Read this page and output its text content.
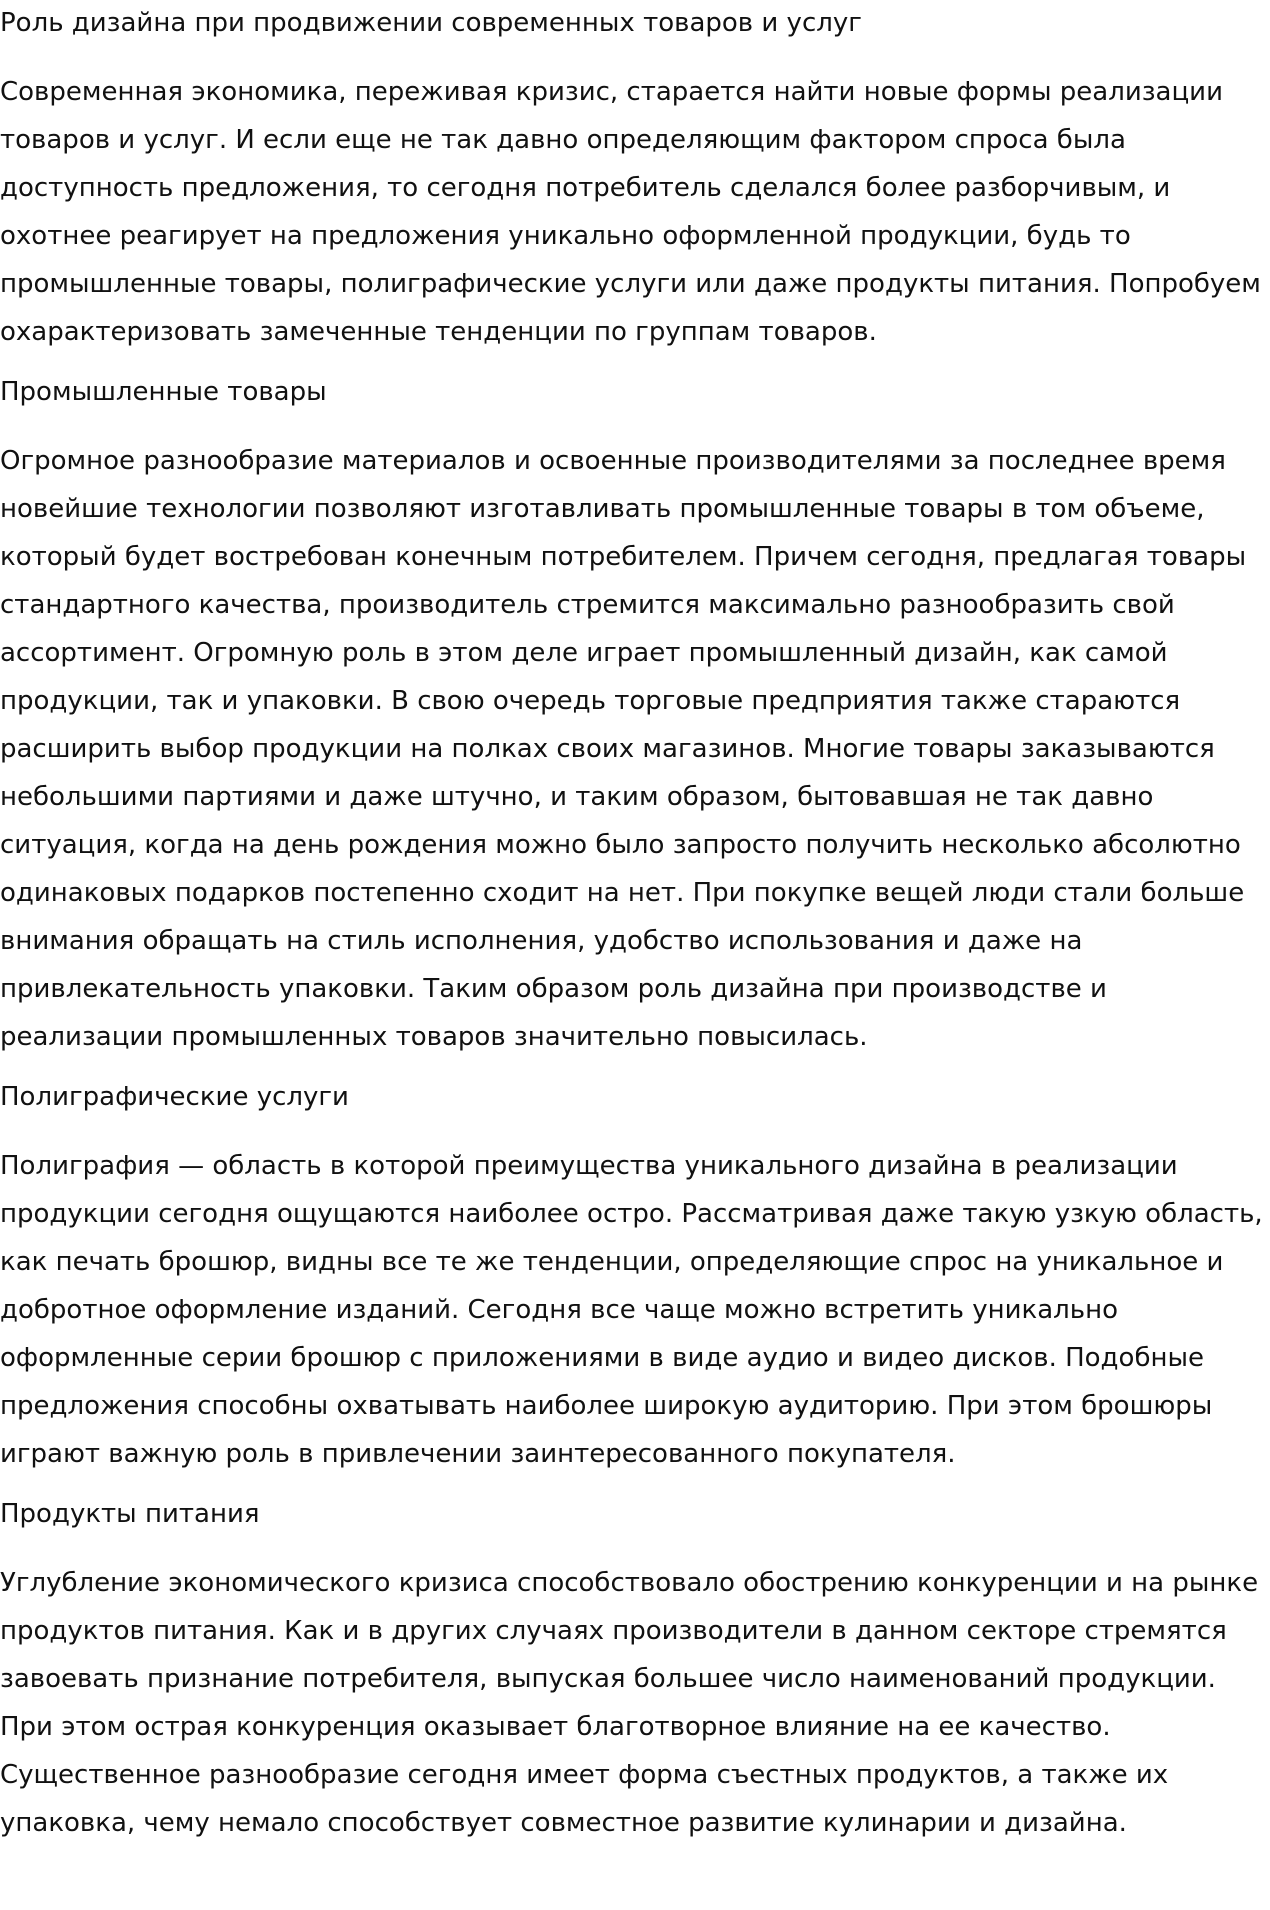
Роль дизайна при продвижении современных товаров и услуг

Современная экономика, переживая кризис, старается найти новые формы реализации товаров и услуг. И если еще не так давно определяющим фактором спроса была доступность предложения, то сегодня потребитель сделался более разборчивым, и охотнее реагирует на предложения уникально оформленной продукции, будь то промышленные товары, полиграфические услуги или даже продукты питания. Попробуем охарактеризовать замеченные тенденции по группам товаров.

Промышленные товары

Огромное разнообразие материалов и освоенные производителями за последнее время новейшие технологии позволяют изготавливать промышленные товары в том объеме, который будет востребован конечным потребителем. Причем сегодня, предлагая товары стандартного качества, производитель стремится максимально разнообразить свой ассортимент. Огромную роль в этом деле играет промышленный дизайн, как самой продукции, так и упаковки. В свою очередь торговые предприятия также стараются расширить выбор продукции на полках своих магазинов. Многие товары заказываются небольшими партиями и даже штучно, и таким образом, бытовавшая не так давно ситуация, когда на день рождения можно было запросто получить несколько абсолютно одинаковых подарков постепенно сходит на нет. При покупке вещей люди стали больше внимания обращать на стиль исполнения, удобство использования и даже на привлекательность упаковки. Таким образом роль дизайна при производстве и реализации промышленных товаров значительно повысилась.

Полиграфические услуги

Полиграфия — область в которой преимущества уникального дизайна в реализации продукции сегодня ощущаются наиболее остро. Рассматривая даже такую узкую область, как печать брошюр, видны все те же тенденции, определяющие спрос на уникальное и добротное оформление изданий. Сегодня все чаще можно встретить уникально оформленные серии брошюр с приложениями в виде аудио и видео дисков. Подобные предложения способны охватывать наиболее широкую аудиторию. При этом брошюры играют важную роль в привлечении заинтересованного покупателя.

Продукты питания

Углубление экономического кризиса способствовало обострению конкуренции и на рынке продуктов питания. Как и в других случаях производители в данном секторе стремятся завоевать признание потребителя, выпуская большее число наименований продукции. При этом острая конкуренция оказывает благотворное влияние на ее качество. Существенное разнообразие сегодня имеет форма съестных продуктов, а также их упаковка, чему немало способствует совместное развитие кулинарии и дизайна.
